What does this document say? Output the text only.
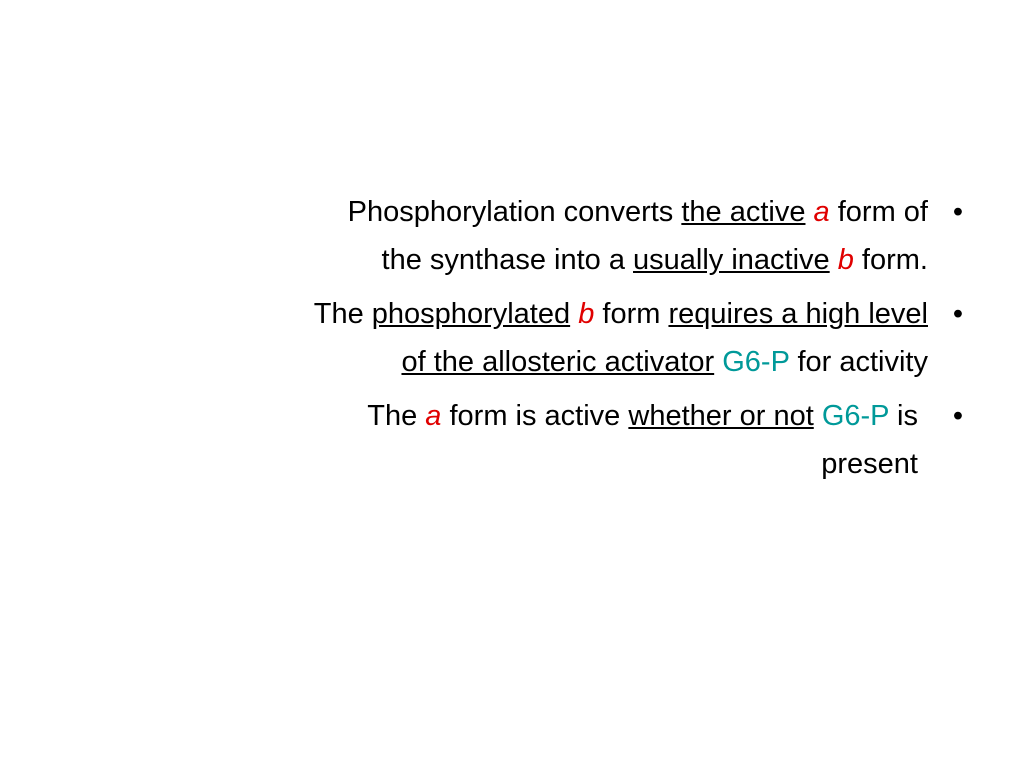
Phosphorylation converts the active a form of
the synthase into a usually inactive b form.
•
The phosphorylated b form requires a high level
of the allosteric activator G6-P for activity
•
The a form is active whether or not G6-P is
present
•
